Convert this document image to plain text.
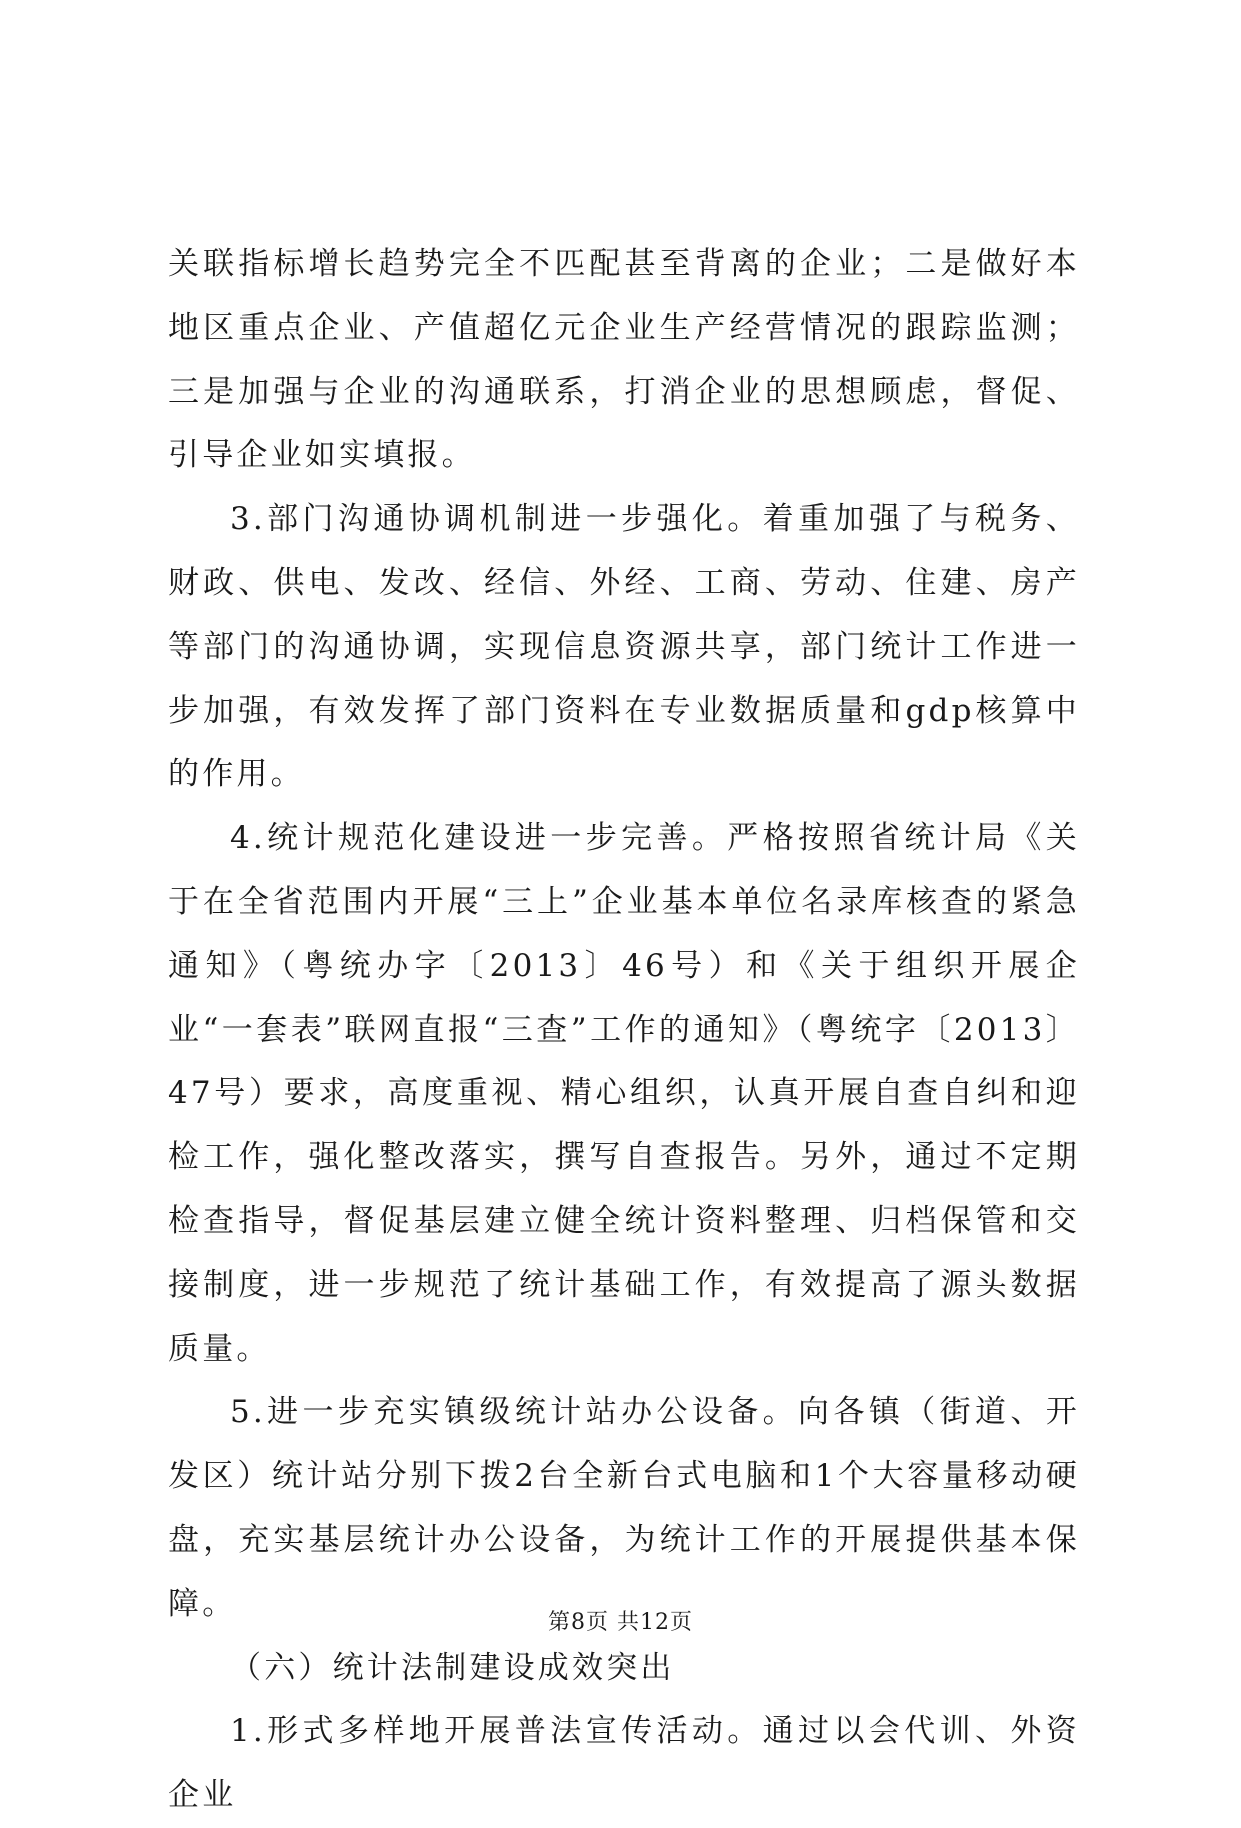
关联指标增长趋势完全不匹配甚至背离的企业；二是做好本地区重点企业、产值超亿元企业生产经营情况的跟踪监测；三是加强与企业的沟通联系，打消企业的思想顾虑，督促、引导企业如实填报。

3.部门沟通协调机制进一步强化。着重加强了与税务、财政、供电、发改、经信、外经、工商、劳动、住建、房产等部门的沟通协调，实现信息资源共享，部门统计工作进一步加强，有效发挥了部门资料在专业数据质量和gdp核算中的作用。

4.统计规范化建设进一步完善。严格按照省统计局《关于在全省范围内开展“三上”企业基本单位名录库核查的紧急通知》（粤统办字〔2013〕46号）和《关于组织开展企业“一套表”联网直报“三查”工作的通知》（粤统字〔2013〕47号）要求，高度重视、精心组织，认真开展自查自纠和迎检工作，强化整改落实，撰写自查报告。另外，通过不定期检查指导，督促基层建立健全统计资料整理、归档保管和交接制度，进一步规范了统计基础工作，有效提高了源头数据质量。

5.进一步充实镇级统计站办公设备。向各镇（街道、开发区）统计站分别下拨2台全新台式电脑和1个大容量移动硬盘，充实基层统计办公设备，为统计工作的开展提供基本保障。

（六）统计法制建设成效突出

1.形式多样地开展普法宣传活动。通过以会代训、外资企业

第8页 共12页
